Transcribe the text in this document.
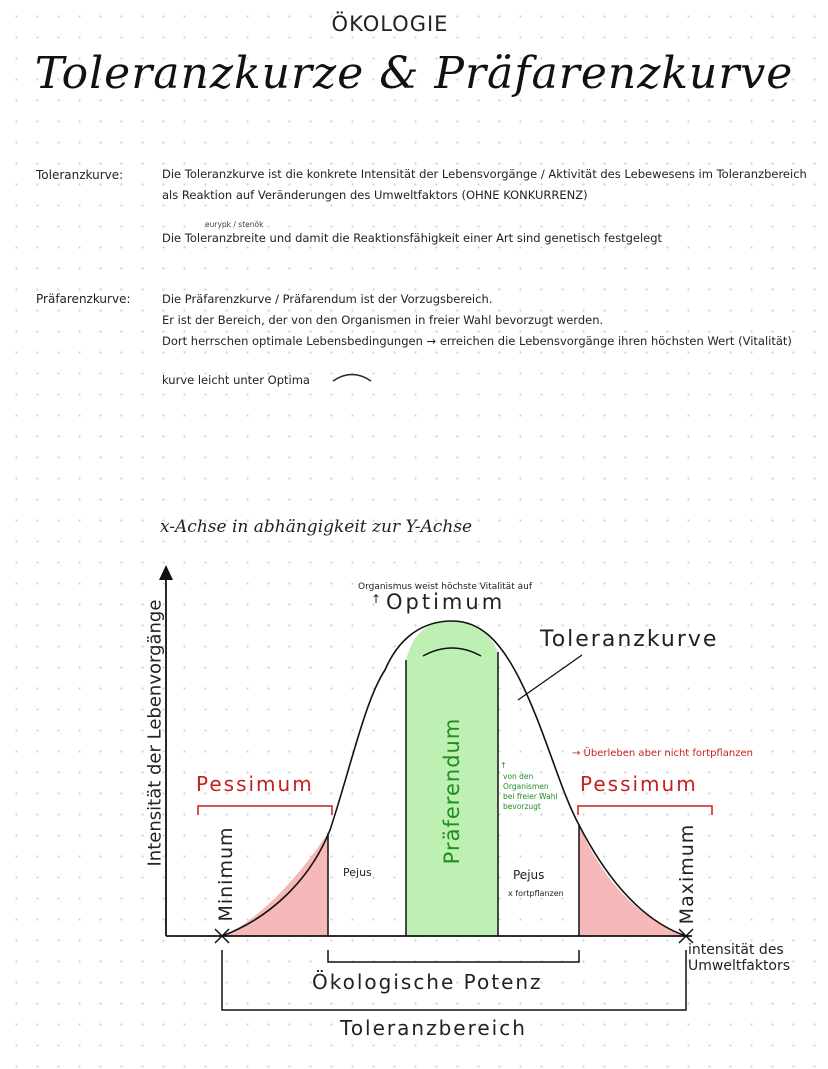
ÖKOLOGIE
Toleranzkurze & Präfarenzkurve
Toleranzkurve:	Die Toleranzkurve ist die konkrete Intensität der Lebensvorgänge / Aktivität des Lebewesens im Toleranzbereich
als Reaktion auf Veränderungen des Umweltfaktors (OHNE KONKURRENZ)
eurypk / stenök
Die Toleranzbreite und damit die Reaktionsfähigkeit einer Art sind genetisch festgelegt
Präfarenzkurve:	Die Präfarenzkurve / Präfarendum ist der Vorzugsbereich.
Er ist der Bereich, der von den Organismen in freier Wahl bevorzugt werden.
Dort herrschen optimale Lebensbedingungen → erreichen die Lebensvorgänge ihren höchsten Wert (Vitalität)
kurve leicht unter Optima
x-Achse in abhängigkeit zur Y-Achse
Organismus weist höchste Vitalität auf
↑ Optimum
Toleranzkurve
Intensität der Lebenvorgänge
intensität des
Umweltfaktors
Pessimum	Pessimum
→ Überleben aber nicht fortpflanzen
Minimum	Maximum
Pejus	Pejus
x fortpflanzen
Präferendum	↑
von den
Organismen
bei freier Wahl
bevorzugt
Ökologische Potenz
Toleranzbereich
